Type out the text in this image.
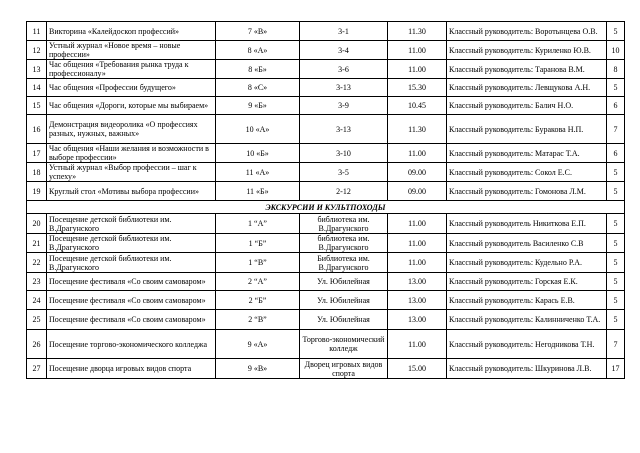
11	Викторина «Калейдоскоп профессий»	7 «В»	3-1	11.30	Классный руководитель: Воротынцева О.В.	5
12	Устный журнал «Новое время – новые профессии»	8 «А»	3-4	11.00	Классный руководитель: Куриленко Ю.В.	10
13	Час общения «Требования рынка труда к профессионалу»	8 «Б»	3-6	11.00	Классный руководитель: Таранова В.М.	8
14	Час общения «Профессии будущего»	8 «С»	3-13	15.30	Классный руководитель: Левщукова А.Н.	5
15	Час общения «Дороги, которые мы выбираем»	9 «Б»	3-9	10.45	Классный руководитель: Балич Н.О.	6
16	Демонстрация видеоролика «О профессиях разных, нужных, важных»	10 «А»	3-13	11.30	Классный руководитель: Буракова Н.П.	7
17	Час общения «Наши желания и возможности в выборе профессии»	10 «Б»	3-10	11.00	Классный руководитель: Матарас Т.А.	6
18	Устный журнал «Выбор профессии – шаг к успеху»	11 «А»	3-5	09.00	Классный руководитель: Сокол Е.С.	5
19	Круглый стол «Мотивы выбора профессии»	11 «Б»	2-12	09.00	Классный руководитель: Гомонова Л.М.	5
ЭКСКУРСИИ И КУЛЬТПОХОДЫ						
20	Посещение детской библиотеки им. В.Драгунского	1 “А”	библиотека им. В.Драгунского	11.00	Классный руководитель Никиткова Е.П.	5
21	Посещение детской библиотеки им. В.Драгунского	1 “Б”	библиотека им. В.Драгунского	11.00	Классный руководитель Василенко С.В	5
22	Посещение детской библиотеки им. В.Драгунского	1 “В”	Библиотека им. В.Драгунского	11.00	Классный руководитель: Кудельно Р.А.	5
23	Посещение фестиваля «Со своим самоваром»	2 “А”	Ул. Юбилейная	13.00	Классный руководитель: Горская Е.К.	5
24	Посещение фестиваля «Со своим самоваром»	2 “Б”	Ул. Юбилейная	13.00	Классный руководитель: Карась Е.В.	5
25	Посещение фестиваля «Со своим самоваром»	2 “В”	Ул. Юбилейная	13.00	Классный руководитель: Калинниченко Т.А.	5
26	Посещение торгово-экономического колледжа	9 «А»	Торгово-экономический колледж	11.00	Классный руководитель: Негодникова Т.Н.	7
27	Посещение дворца игровых видов спорта	9 «В»	Дворец игровых видов спорта	15.00	Классный руководитель: Шкуринова Л.В.	17
